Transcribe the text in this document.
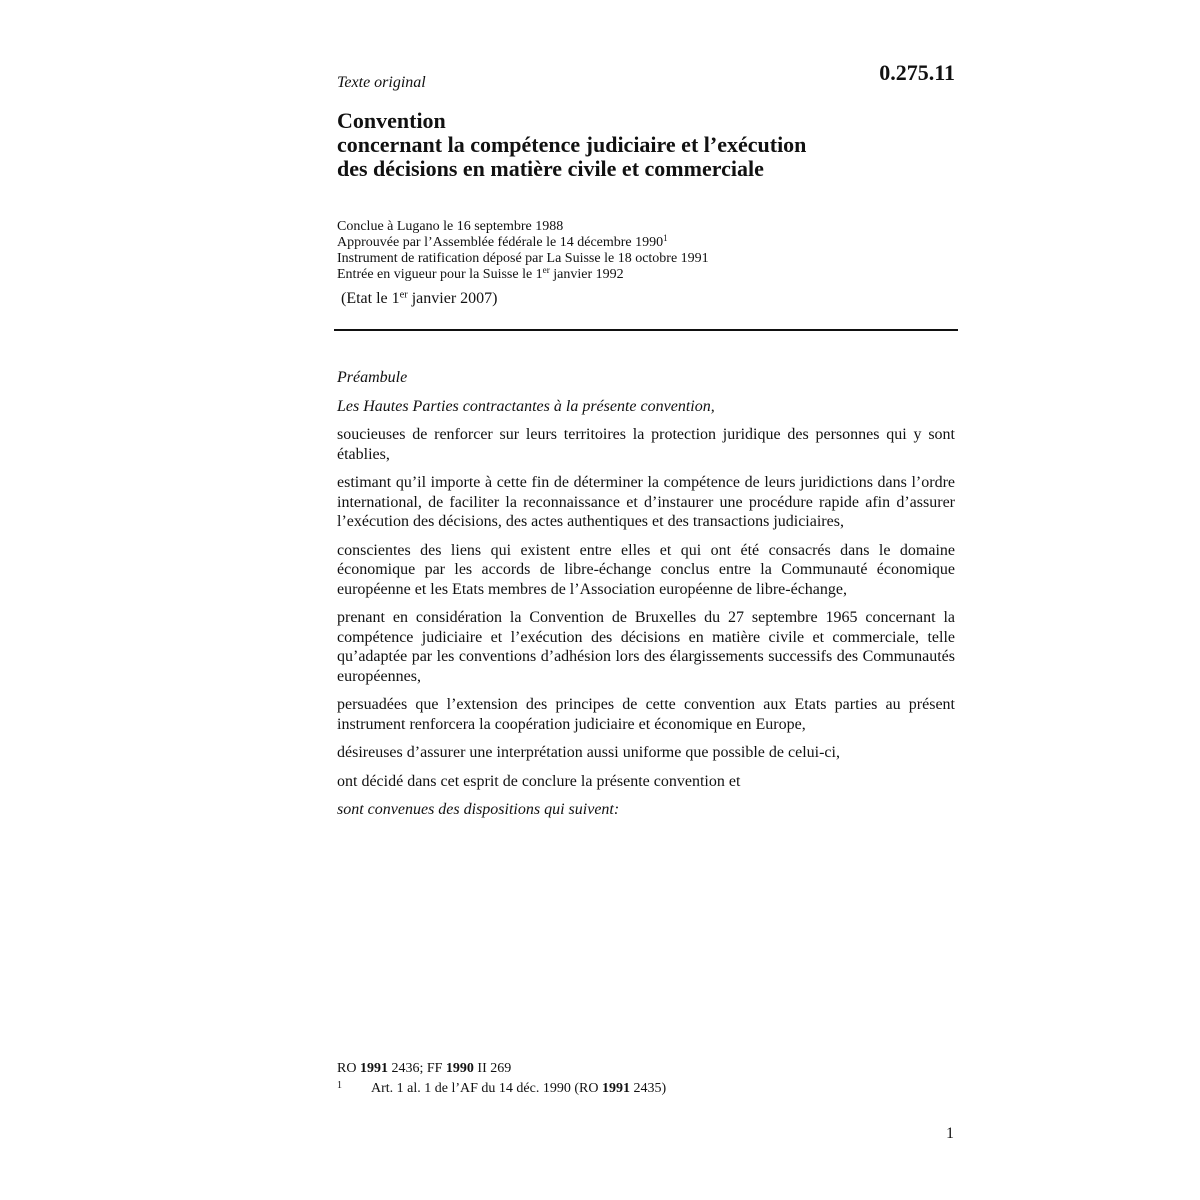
Texte original	0.275.11

Convention
concernant la compétence judiciaire et l’exécution
des décisions en matière civile et commerciale
Conclue à Lugano le 16 septembre 1988
Approuvée par l’Assemblée fédérale le 14 décembre 1990$^1$
Instrument de ratification déposé par La Suisse le 18 octobre 1991
Entrée en vigueur pour la Suisse le 1er janvier 1992

(Etat le 1er janvier 2007)

Préambule

Les Hautes Parties contractantes à la présente convention,

soucieuses de renforcer sur leurs territoires la protection juridique des personnes qui y sont établies,

estimant qu’il importe à cette fin de déterminer la compétence de leurs juridictions dans l’ordre international, de faciliter la reconnaissance et d’instaurer une procédure rapide afin d’assurer l’exécution des décisions, des actes authentiques et des transactions judiciaires,

conscientes des liens qui existent entre elles et qui ont été consacrés dans le domaine économique par les accords de libre-échange conclus entre la Communauté économique européenne et les Etats membres de l’Association européenne de libre-échange,

prenant en considération la Convention de Bruxelles du 27 septembre 1965 concernant la compétence judiciaire et l’exécution des décisions en matière civile et commerciale, telle qu’adaptée par les conventions d’adhésion lors des élargissements successifs des Communautés européennes,

persuadées que l’extension des principes de cette convention aux Etats parties au présent instrument renforcera la coopération judiciaire et économique en Europe,

désireuses d’assurer une interprétation aussi uniforme que possible de celui-ci,

ont décidé dans cet esprit de conclure la présente convention et

sont convenues des dispositions qui suivent:

RO 1991 2436; FF 1990 II 269
1 Art. 1 al. 1 de l’AF du 14 déc. 1990 (RO 1991 2435)

1
